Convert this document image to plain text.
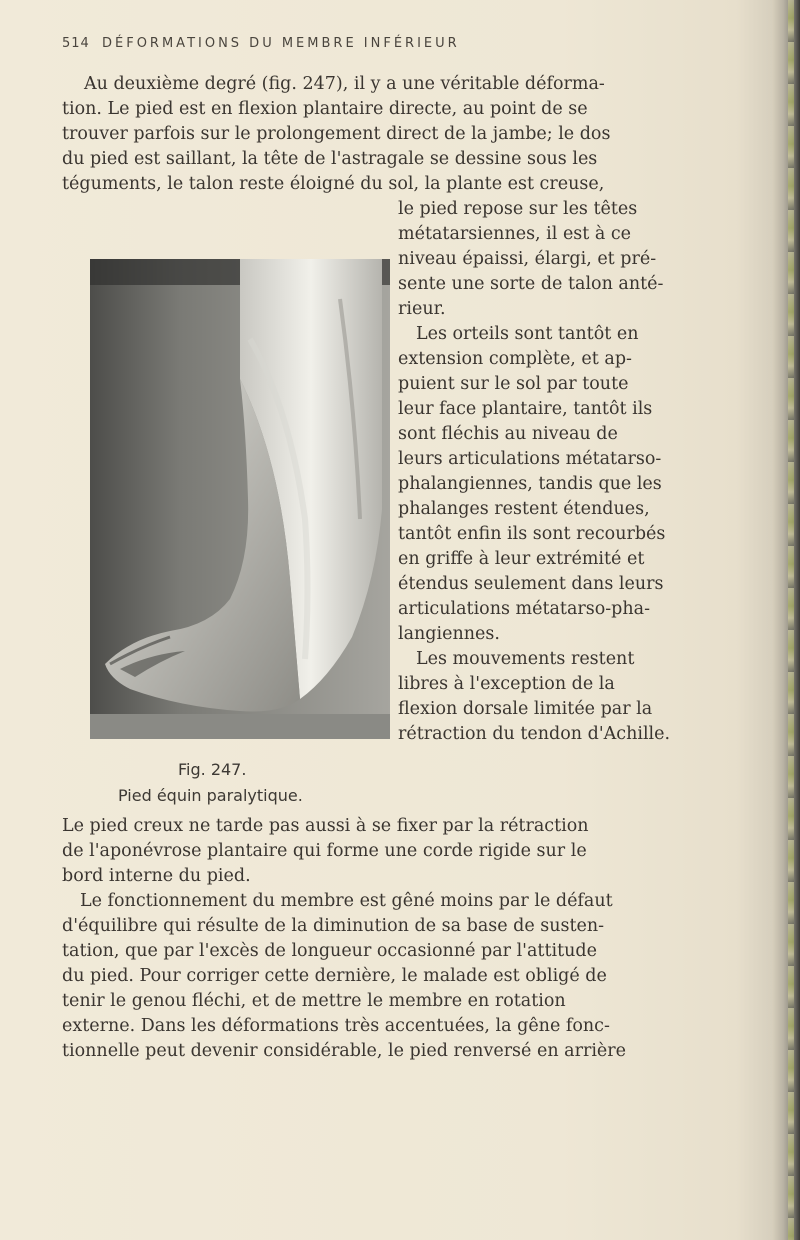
514 DÉFORMATIONS DU MEMBRE INFÉRIEUR
Au deuxième degré (fig. 247), il y a une véritable déforma-
tion. Le pied est en flexion plantaire directe, au point de se
trouver parfois sur le prolongement direct de la jambe; le dos
du pied est saillant, la tête de l'astragale se dessine sous les
téguments, le talon reste éloigné du sol, la plante est creuse,
le pied repose sur les têtes
métatarsiennes, il est à ce
niveau épaissi, élargi, et pré-
sente une sorte de talon anté-
rieur.
Les orteils sont tantôt en
extension complète, et ap-
puient sur le sol par toute
leur face plantaire, tantôt ils
sont fléchis au niveau de
leurs articulations métatarso-
phalangiennes, tandis que les
phalanges restent étendues,
tantôt enfin ils sont recourbés
en griffe à leur extrémité et
étendus seulement dans leurs
articulations métatarso-pha-
langiennes.
Les mouvements restent
libres à l'exception de la
flexion dorsale limitée par la
rétraction du tendon d'Achille.
Fig. 247.
Pied équin paralytique.
Le pied creux ne tarde pas aussi à se fixer par la rétraction
de l'aponévrose plantaire qui forme une corde rigide sur le
bord interne du pied.
Le fonctionnement du membre est gêné moins par le défaut
d'équilibre qui résulte de la diminution de sa base de susten-
tation, que par l'excès de longueur occasionné par l'attitude
du pied. Pour corriger cette dernière, le malade est obligé de
tenir le genou fléchi, et de mettre le membre en rotation
externe. Dans les déformations très accentuées, la gêne fonc-
tionnelle peut devenir considérable, le pied renversé en arrière
